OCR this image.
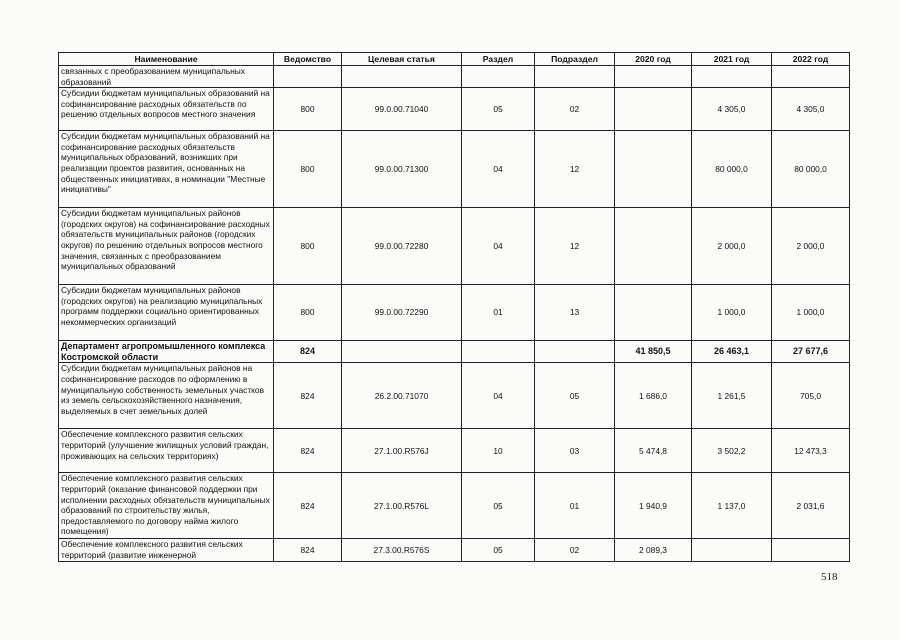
Наименование	Ведомство	Целевая статья	Раздел	Подраздел	2020 год	2021 год	2022 год
связанных с преобразованием муниципальных образований							
Субсидии бюджетам муниципальных образований на софинансирование расходных обязательств по решению отдельных вопросов местного значения	800	99.0.00.71040	05	02		4 305,0	4 305,0
Субсидии бюджетам муниципальных образований на софинансирование расходных обязательств муниципальных образований, возникших при реализации проектов развития, основанных на общественных инициативах, в номинации "Местные инициативы"	800	99.0.00.71300	04	12		80 000,0	80 000,0
Субсидии бюджетам муниципальных районов (городских округов) на софинансирование расходных обязательств муниципальных районов (городских округов) по решению отдельных вопросов местного значения, связанных с преобразованием муниципальных образований	800	99.0.00.72280	04	12		2 000,0	2 000,0
Субсидии бюджетам муниципальных районов (городских округов) на реализацию муниципальных программ поддержки социально ориентированных некоммерческих организаций	800	99.0.00.72290	01	13		1 000,0	1 000,0
Департамент агропромышленного комплекса Костромской области	824				41 850,5	26 463,1	27 677,6
Субсидии бюджетам муниципальных районов на софинансирование расходов по оформлению в муниципальную собственность земельных участков из земель сельскохозяйственного назначения, выделяемых в счет земельных долей	824	26.2.00.71070	04	05	1 686,0	1 261,5	705,0
Обеспечение комплексного развития сельских территорий (улучшение жилищных условий граждан, проживающих на сельских территориях)	824	27.1.00.R576J	10	03	5 474,8	3 502,2	12 473,3
Обеспечение комплексного развития сельских территорий (оказание финансовой поддержки при исполнении расходных обязательств муниципальных образований по строительству жилья, предоставляемого по договору найма жилого помещения)	824	27.1.00.R576L	05	01	1 940,9	1 137,0	2 031,6
Обеспечение комплексного развития сельских территорий (развитие инженерной	824	27.3.00.R576S	05	02	2 089,3		
518
